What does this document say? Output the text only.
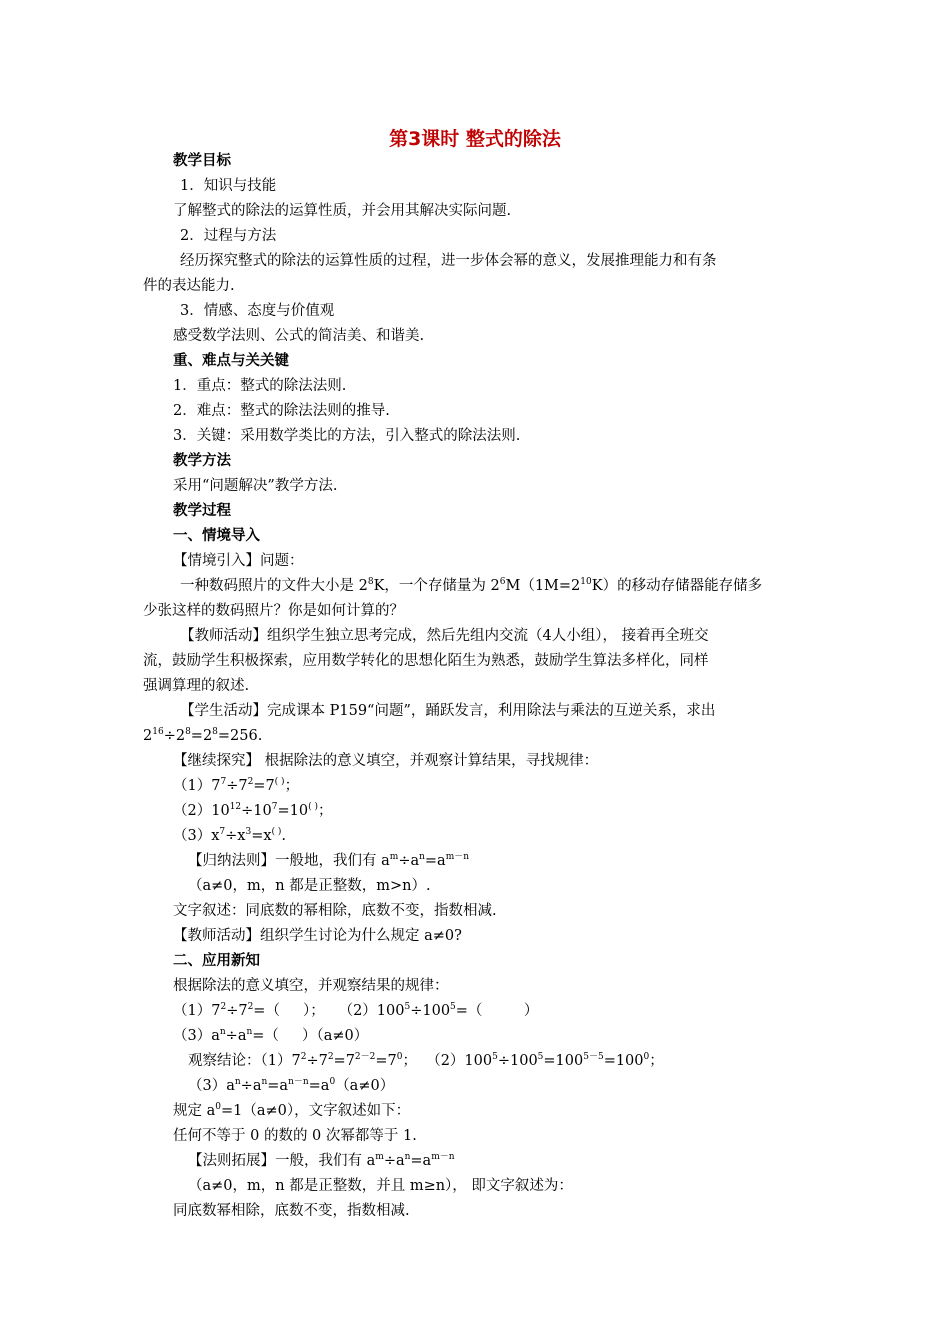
第3课时 整式的除法
教学目标
1．知识与技能
了解整式的除法的运算性质，并会用其解决实际问题.
2．过程与方法
经历探究整式的除法的运算性质的过程，进一步体会幂的意义，发展推理能力和有条
件的表达能力.
3．情感、态度与价值观
感受数学法则、公式的简洁美、和谐美.
重、难点与关关键
1．重点：整式的除法法则.
2．难点：整式的除法法则的推导.
3．关键：采用数学类比的方法，引入整式的除法法则.
教学方法
采用“问题解决”教学方法.
教学过程
一、情境导入
【情境引入】问题：
一种数码照片的文件大小是 $2^8K$，一个存储量为 $2^6M(1M=2^{10}K)$的移动存储器能存储多
少张这样的数码照片？你是如何计算的？
【教师活动】组织学生独立思考完成，然后先组内交流（4人小组）， 接着再全班交
流，鼓励学生积极探索，应用数学转化的思想化陌生为熟悉，鼓励学生算法多样化，同样
强调算理的叙述.
【学生活动】完成课本 P159“问题”，踊跃发言，利用除法与乘法的互逆关系，求出
$2^{16}\div 2^8=2^8=256$.
【继续探究】 根据除法的意义填空，并观察计算结果，寻找规律：
$(1)7^7\div 7^2=7^{( )}$；
$(2)10^{12}\div 10^7=10^{( )}$；
$(3)x^7\div x^3=x^{( )}$.
【归纳法则】一般地，我们有 $a^m\div a^n=a^{m-n}$
（a≠0，m，n 都是正整数，m>n）.
文字叙述：同底数的幂相除，底数不变，指数相减.
【教师活动】组织学生讨论为什么规定 a≠0?
二、应用新知
根据除法的意义填空，并观察结果的规律：
$(1)7^2\div 7^2=$（     ）；   $(2)100^5\div 100^5=$（         ）
$(3)a^n\div a^n=$（     ）（a≠0）
观察结论：$(1)7^2\div 7^2=7^{2-2}=7^0$；  $(2)100^5\div 100^5=100^{5-5}=100^0$；
$(3)a^n\div a^n=a^{n-n}=a^0(a\ne 0)$
规定 $a^0=1(a\ne 0)$，文字叙述如下：
任何不等于 0 的数的 0 次幂都等于 1.
【法则拓展】一般，我们有 $a^m\div a^n=a^{m-n}$
（a≠0，m，n 都是正整数，并且 m≥n）， 即文字叙述为：
同底数幂相除，底数不变，指数相减.
